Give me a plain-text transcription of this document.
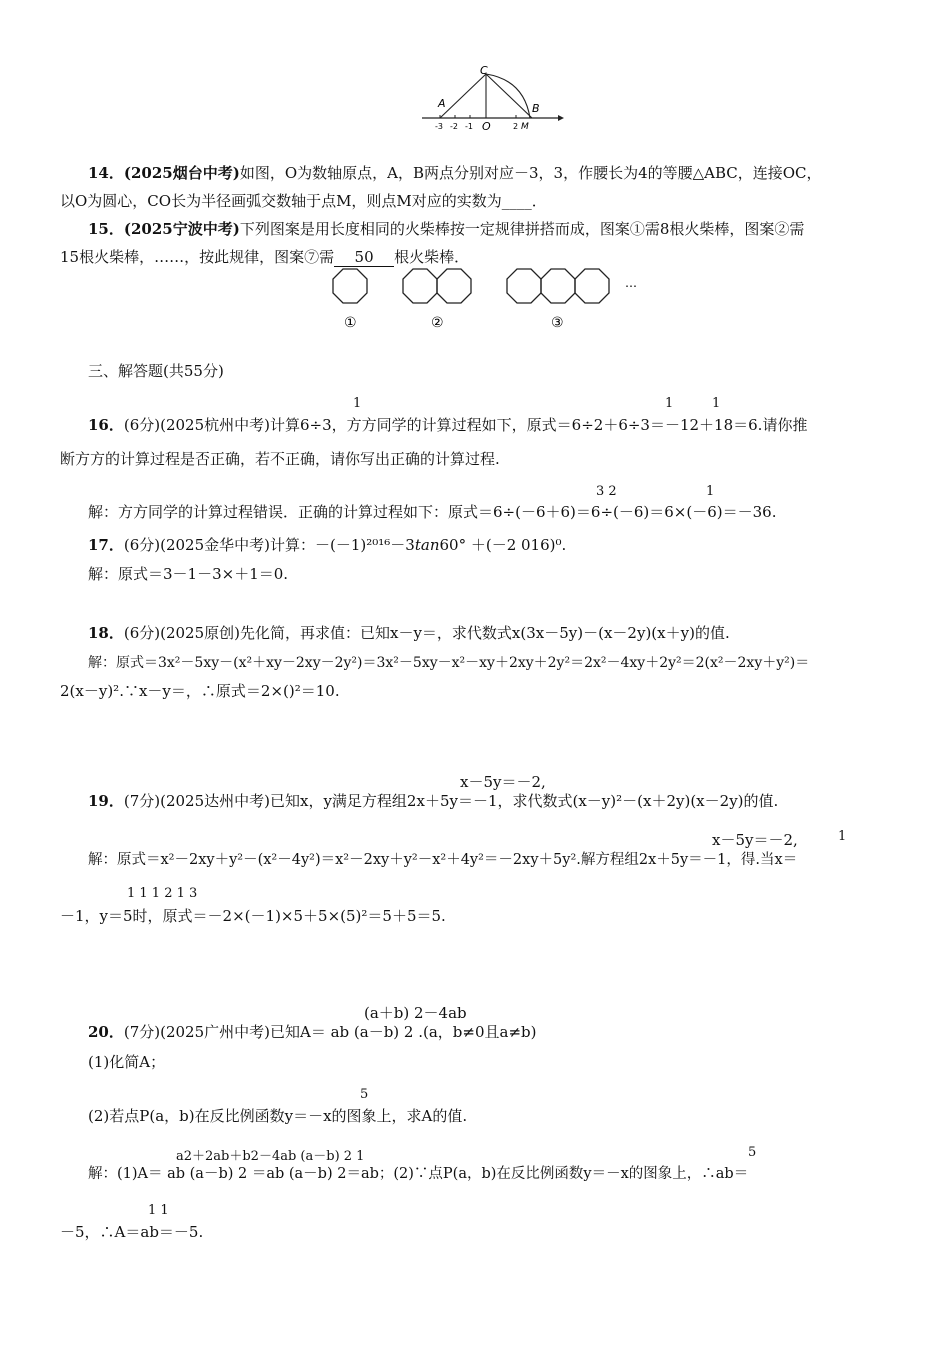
C
A	B
O	M
-3 -2 -1	2
14．(2025烟台中考)如图，O为数轴原点，A，B两点分别对应－3，3，作腰长为4的等腰△ABC，连接OC，
以O为圆心，CO长为半径画弧交数轴于点M，则点M对应的实数为____．
15．(2025宁波中考)下列图案是用长度相同的火柴棒按一定规律拼搭而成，图案①需8根火柴棒，图案②需
15根火柴棒，……，按此规律，图案⑦需 50 根火柴棒．
…
①	②	③
三、解答题(共55分)
1	1	1
16．(6分)(2025杭州中考)计算6÷3，方方同学的计算过程如下，原式＝6÷2＋6÷3＝－12＋18＝6.请你推
断方方的计算过程是否正确，若不正确，请你写出正确的计算过程.
3 2	1
解：方方同学的计算过程错误．正确的计算过程如下：原式＝6÷(－6＋6)＝6÷(－6)＝6×(－6)＝－36.
17．(6分)(2025金华中考)计算：－(－1)²⁰¹⁶－3tan60° ＋(－2 016)⁰.
解：原式＝3－1－3×＋1＝0.
18．(6分)(2025原创)先化简，再求值：已知x－y＝，求代数式x(3x－5y)－(x－2y)(x＋y)的值.
解：原式＝3x²－5xy－(x²＋xy－2xy－2y²)＝3x²－5xy－x²－xy＋2xy＋2y²＝2x²－4xy＋2y²＝2(x²－2xy＋y²)＝
2(x－y)².∵x－y＝，∴原式＝2×()²＝10.
x－5y＝－2,
19．(7分)(2025达州中考)已知x，y满足方程组2x＋5y＝－1，求代数式(x－y)²－(x＋2y)(x－2y)的值.
x－5y＝－2,	1
解：原式＝x²－2xy＋y²－(x²－4y²)＝x²－2xy＋y²－x²＋4y²＝－2xy＋5y².解方程组2x＋5y＝－1，得.当x＝
1 1 1 2 1 3
－1，y＝5时，原式＝－2×(－1)×5＋5×(5)²＝5＋5＝5.
(a＋b) 2－4ab
20．(7分)(2025广州中考)已知A＝ ab (a－b) 2 .(a，b≠0且a≠b)
(1)化简A；
5
(2)若点P(a，b)在反比例函数y＝－x的图象上，求A的值.
a2＋2ab＋b2－4ab (a－b) 2 1	5
解：(1)A＝ ab (a－b) 2 ＝ab (a－b) 2＝ab；(2)∵点P(a，b)在反比例函数y＝－x的图象上，∴ab＝
1 1
－5，∴A＝ab＝－5.
